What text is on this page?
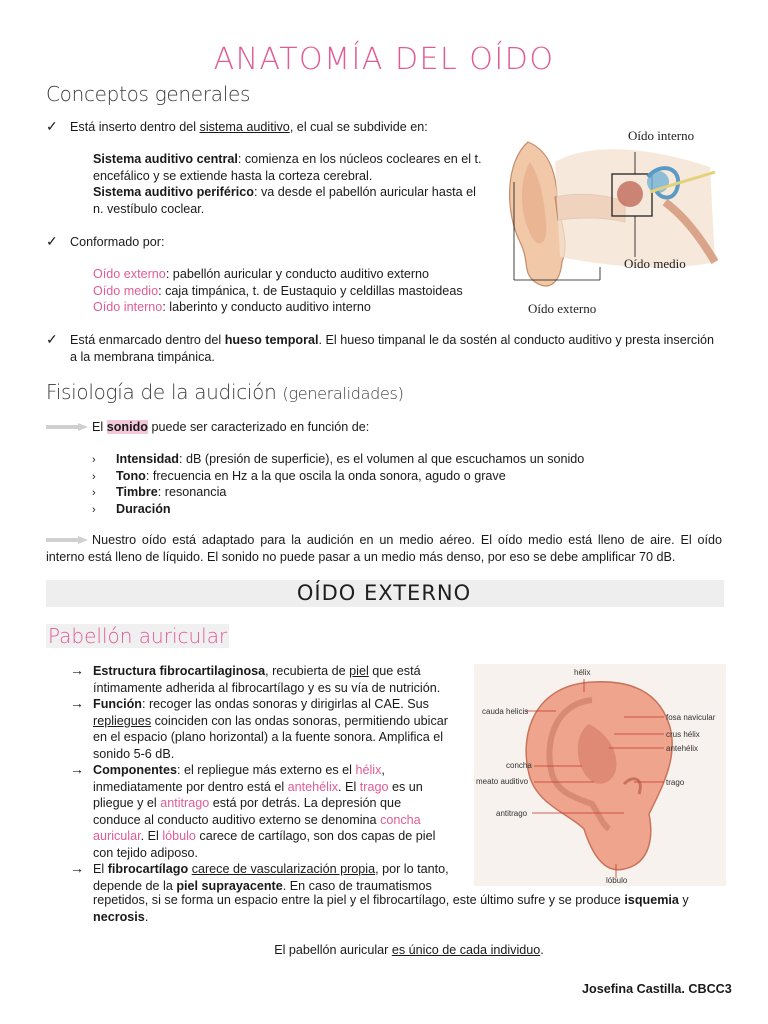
ANATOMÍA DEL OÍDO
Conceptos generales
✓ Está inserto dentro del sistema auditivo, el cual se subdivide en:
Sistema auditivo central: comienza en los núcleos cocleares en el t.
encefálico y se extiende hasta la corteza cerebral.
Sistema auditivo periférico: va desde el pabellón auricular hasta el
n. vestíbulo coclear.
✓ Conformado por:
Oído externo: pabellón auricular y conducto auditivo externo
Oído medio: caja timpánica, t. de Eustaquio y celdillas mastoideas
Oído interno: laberinto y conducto auditivo interno
✓ Está enmarcado dentro del hueso temporal. El hueso timpanal le da sostén al conducto auditivo y presta inserción
a la membrana timpánica.
Oído interno
Oído medio
Oído externo
Fisiología de la audición (generalidades)
El sonido puede ser caracterizado en función de:
› Intensidad: dB (presión de superficie), es el volumen al que escuchamos un sonido
› Tono: frecuencia en Hz a la que oscila la onda sonora, agudo o grave
› Timbre: resonancia
› Duración
Nuestro oído está adaptado para la audición en un medio aéreo. El oído medio está lleno de aire. El oído
interno está lleno de líquido. El sonido no puede pasar a un medio más denso, por eso se debe amplificar 70 dB.
OÍDO EXTERNO
Pabellón auricular
→ Estructura fibrocartilaginosa, recubierta de piel que está
íntimamente adherida al fibrocartílago y es su vía de nutrición.
→ Función: recoger las ondas sonoras y dirigirlas al CAE. Sus
repliegues coinciden con las ondas sonoras, permitiendo ubicar
en el espacio (plano horizontal) a la fuente sonora. Amplifica el
sonido 5-6 dB.
→ Componentes: el repliegue más externo es el hélix,
inmediatamente por dentro está el antehélix. El trago es un
pliegue y el antitrago está por detrás. La depresión que
conduce al conducto auditivo externo se denomina concha
auricular. El lóbulo carece de cartílago, son dos capas de piel
con tejido adiposo.
→ El fibrocartílago carece de vascularización propia, por lo tanto,
depende de la piel suprayacente. En caso de traumatismos
repetidos, si se forma un espacio entre la piel y el fibrocartílago, este último sufre y se produce isquemia y
necrosis.
hélix
cauda helicis
fosa navicular
crus hélix
antehélix
concha
meato auditivo	trago
antitrago
lóbulo
El pabellón auricular es único de cada individuo.
Josefina Castilla. CBCC3
